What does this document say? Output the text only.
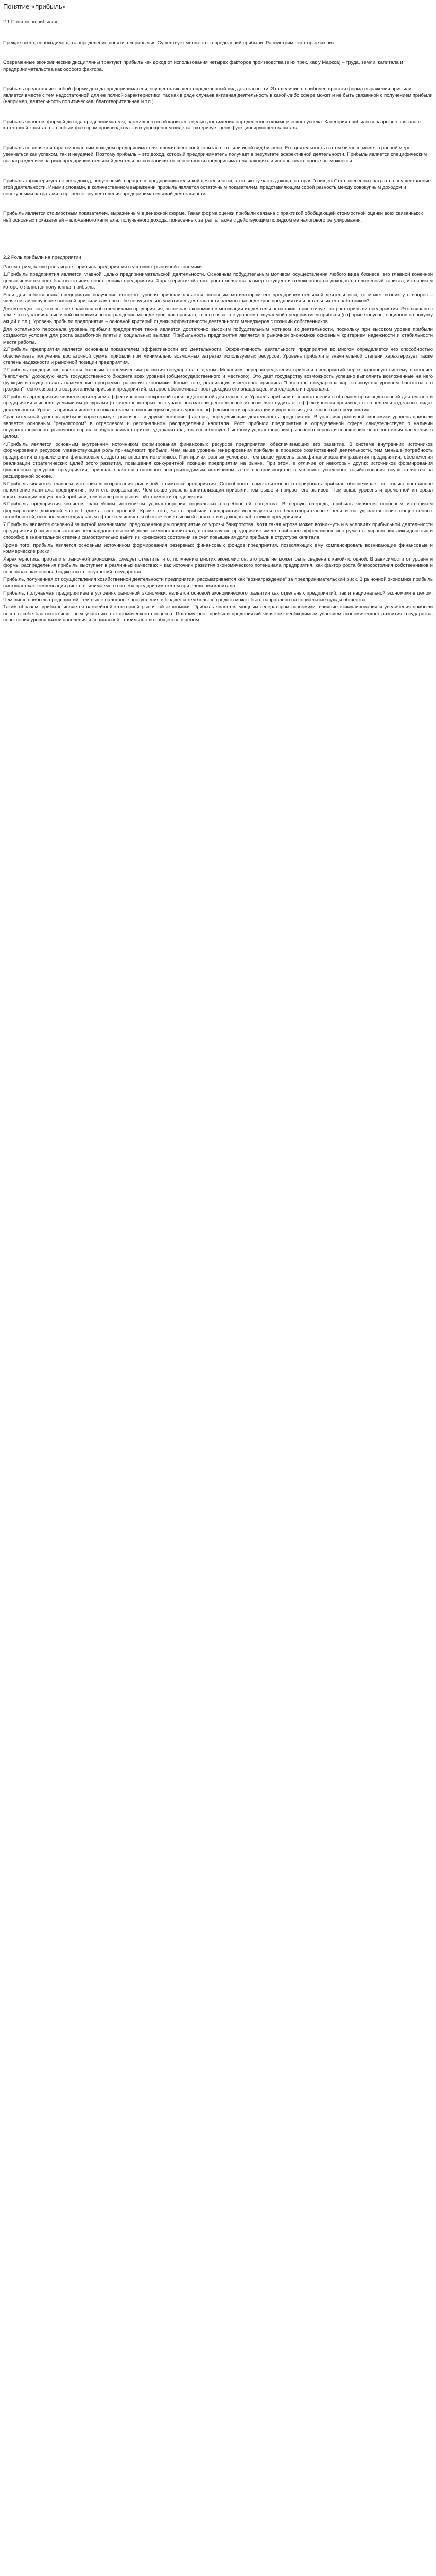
Понятие «прибыль»
2.1 Понятие «прибыль»

Прежде всего, необходимо дать определение понятию «прибыль». Существует множество определений прибыли. Рассмотрим некоторые из них.

Современные экономические дисциплины трактуют прибыль как доход от использования четырех факторов производства (в их трех, как у Маркса) – труда, земли, капитала и предпринимательства как особого фактора.

Прибыль представляет собой форму дохода предпринимателя, осуществляющего определенный вид деятельности. Эта величина, наиболее простая форма выражения прибыли является вместе с тем недостаточной для ее полной характеристики, так как в ряде случаев активная деятельность в какой-либо сфере может и не быть связанной с получением прибыли (например, деятельность политическая, благотворительная и т.п.).

Прибыль является формой дохода предпринимателя, вложившего свой капитал с целью достижения определенного коммерческого успеха. Категория прибыли неразрывно связана с категорией капитала – особым фактором производства – и в упрощенном виде характеризует цену функционирующего капитала.

Прибыль не является гарантированным доходом предпринимателя, вложившего свой капитал в тот или иной вид бизнеса. Его деятельность в этом бизнесе может в равной мере увенчаться как успехом, так и неудачей. Поэтому прибыль – это доход, который предприниматель получает в результате эффективной деятельности. Прибыль является специфическим вознаграждением за риск предпринимательской деятельности и зависит от способности предпринимателя находить и использовать новые возможности.

Прибыль характеризует не весь доход, полученный в процессе предпринимательской деятельности, а только ту часть дохода, которая "очищена" от понесенных затрат на осуществление этой деятельности. Иными словами, в количественном выражении прибыль является остаточным показателем, представляющим собой разность между совокупным доходом и совокупными затратами в процессе осуществления предпринимательской деятельности.

Прибыль является стоимостным показателем, выраженным в денежной форме. Такая форма оценки прибыли связана с практикой обобщающей стоимостной оценки всех связанных с ней основных показателей – вложенного капитала, полученного дохода, понесенных затрат, а также с действующим порядком ее налогового регулирования.

2.2 Роль прибыли на предприятии

Рассмотрим, какую роль играет прибыль предприятия в условиях рыночной экономики.

1.Прибыль предприятия является главной целью предпринимательской деятельности. Основным побудительным мотивом осуществления любого вида бизнеса, его главной конечной целью является рост благосостояния собственника предприятия. Характеристикой этого роста является размер текущего и отложенного на доходов на вложенный капитал, источником которого является полученная прибыль.

Если для собственника предприятия получение высокого уровня прибыли является основным мотиватором его предпринимательской деятельности, то может возникнуть вопрос – является ли получение высокой прибыли сама по себе побудительным мотивом деятельности наемных менеджеров предприятия и остальных его работников?

Для менеджеров, которые не являются собственниками предприятия, рыночная экономика в мотивации их деятельности также ориентирует на рост прибыли предприятия. Это связано с тем, что в условиях рыночной экономики вознаграждение менеджеров, как правило, тесно связано с уровнем получаемой предприятием прибыли (в форме бонусов, опционов на покупку акций и т.п.). Уровень прибыли предприятия – основной критерий оценки эффективности деятельности менеджеров с позиций собственников.

Для остального персонала уровень прибыли предприятия также является достаточно высоким побудительным мотивом их деятельности, поскольку при высоком уровне прибыли создаются условия для роста заработной платы и социальных выплат. Прибыльность предприятия является в рыночной экономике основным критерием надежности и стабильности места работы.

2.Прибыль предприятия является основным показателем эффективности его деятельности. Эффективность деятельности предприятия во многом определяется его способностью обеспечивать получение достаточной суммы прибыли при минимально возможных затратах используемых ресурсов. Уровень прибыли в значительной степени характеризует также степень надежности и рыночной позиции предприятия.

2.Прибыль предприятия является базовым экономическим развития государства в целом. Механизм перераспределения прибыли предприятий через налоговую систему позволяет "наполнить" доходную часть государственного бюджета всех уровней (общегосударственного и местного). Это дает государству возможность успешно выполнять возложенные на него функции и осуществлять намеченные программы развития экономики. Кроме того, реализация известного принципа "богатство государства характеризуется уровнем богатства его граждан" тесно связана с возрастанием прибыли предприятий, которое обеспечивает рост доходов его владельцев, менеджеров и персонала.

3.Прибыль предприятия является критерием эффективности конкретной производственной деятельности. Уровень прибыли в сопоставлении с объемом производственной деятельности предприятия и используемыми им ресурсами (в качестве которых выступают показатели рентабельности) позволяет судить об эффективности производства в целом и отдельных видах деятельности. Уровень прибыли является показателем, позволяющим оценить уровень эффективности организации и управления деятельностью предприятия.

Сравнительный уровень прибыли характеризует рыночные и другие внешние факторы, определяющие деятельность предприятия. В условиях рыночной экономики уровень прибыли является основным "регулятором" в отраслевом и региональном распределении капитала. Рост прибыли предприятия в определенной сфере свидетельствует о наличии неудовлетворенного рыночного спроса и обусловливает приток туда капитала, что способствует быстрому удовлетворению рыночного спроса и повышению благосостояния населения в целом.

4.Прибыль является основным внутренним источником формирования финансовых ресурсов предприятия, обеспечивающих его развитие. В системе внутренних источников формирования ресурсов главенствующая роль принадлежит прибыли. Чем выше уровень генерирования прибыли в процессе хозяйственной деятельности, тем меньше потребность предприятия в привлечении финансовых средств из внешних источников. При прочих равных условиях, тем выше уровень самофинансирования развития предприятия, обеспечения реализации стратегических целей этого развития, повышения конкурентной позиции предприятия на рынке. При этом, в отличие от некоторых других источников формирования финансовых ресурсов предприятия, прибыль является постоянно воспроизводимым источником, а ее воспроизводство в условиях успешного хозяйствования осуществляется на расширенной основе.

5.Прибыль является главным источником возрастания рыночной стоимости предприятия. Способность самостоятельно генерировать прибыль обеспечивает не только постоянное пополнение капитала предприятия, но и его возрастание. Чем выше уровень капитализации прибыли, тем выше и прирост его активов. Чем выше уровень и временной интервал капитализации полученной прибыли, тем выше рост рыночной стоимости предприятия.

6.Прибыль предприятия является важнейшим источником удовлетворения социальных потребностей общества. В первую очередь, прибыль является основным источником формирования доходной части бюджета всех уровней. Кроме того, часть прибыли предприятия используется на благотворительные цели и на удовлетворение общественных потребностей, основным же социальным эффектом является обеспечение высокой занятости и доходов работников предприятия.

7.Прибыль является основной защитной механизмом, предохраняющим предприятие от угрозы банкротства. Хотя такая угроза может возникнуть и в условиях прибыльной деятельности предприятия (при использовании неоправданно высокой доли заемного капитала), в этом случае предприятие имеет наиболее эффективные инструменты управления ликвидностью и способно в значительной степени самостоятельно выйти из кризисного состояния за счет повышения доли прибыли в структуре капитала.

Кроме того, прибыль является основным источником формирования резервных финансовых фондов предприятия, позволяющих ему компенсировать возникающие финансовые и коммерческие риски.

Характеристика прибыли в рыночной экономике, следует отметить, что, по мнению многих экономистов, это роль не может быть сведена к какой-то одной. В зависимости от уровня и формы распределения прибыль выступает в различных качествах – как источник развития экономического потенциала предприятия, как фактор роста благосостояния собственников и персонала, как основа бюджетных поступлений государства.

Прибыль, полученная от осуществления хозяйственной деятельности предприятия, рассматривается как "вознаграждение" за предпринимательский риск. В рыночной экономике прибыль выступает как компенсация риска, принимаемого на себя предпринимателем при вложении капитала.

Прибыль, получаемая предприятием в условиях рыночной экономики, является основой экономического развития как отдельных предприятий, так и национальной экономики в целом. Чем выше прибыль предприятий, тем выше налоговые поступления в бюджет и тем больше средств может быть направлено на социальные нужды общества.

Таким образом, прибыль является важнейшей категорией рыночной экономики. Прибыль является мощным генератором экономики, влияние стимулирования и увеличения прибыли несет в себе благосостояние всех участников экономического процесса. Поэтому рост прибыли предприятий является необходимым условием экономического развития государства, повышения уровня жизни населения и социальной стабильности в обществе в целом.
